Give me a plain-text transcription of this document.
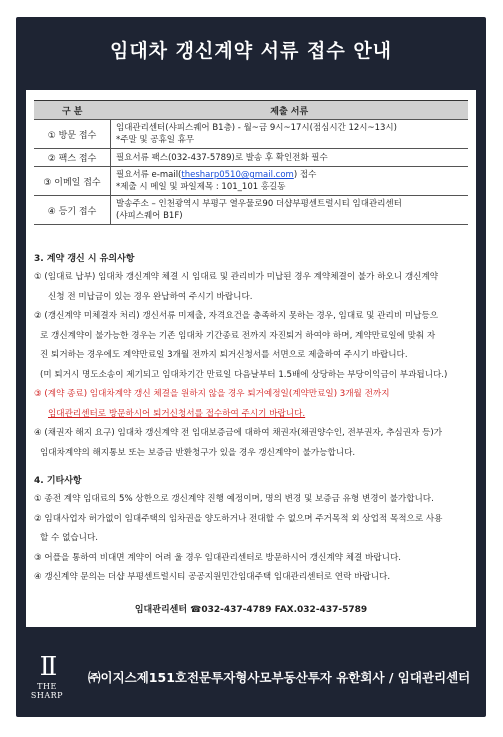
임대차 갱신계약 서류 접수 안내
구 분	제출 서류
① 방문 접수	임대관리센터(샤피스퀘어 B1층) - 월~금 9시~17시(점심시간 12시~13시)
*주말 및 공휴일 휴무

② 팩스 접수	필요서류 팩스(032-437-5789)로 발송 후 확인전화 필수
③ 이메일 접수	필요서류 e-mail(thesharp0510@gmail.com) 접수
*제출 시 메일 및 파일제목 : 101_101 홍길동

④ 등기 접수	발송주소 – 인천광역시 부평구 열우물로90 더샵부평센트럴시티 임대관리센터
(샤피스퀘어 B1F)
3. 계약 갱신 시 유의사항

① (임대료 납부) 임대차 갱신계약 체결 시 임대료 및 관리비가 미납된 경우 계약체결이 불가 하오니 갱신계약

신청 전 미납금이 있는 경우 완납하여 주시기 바랍니다.

② (갱신계약 미체결자 처리) 갱신서류 미제출, 자격요건을 충족하지 못하는 경우, 임대료 및 관리비 미납등으

로 갱신계약이 불가능한 경우는 기존 임대차 기간종료 전까지 자진퇴거 하여야 하며, 계약만료일에 맞춰 자

진 퇴거하는 경우에도 계약만료일 3개월 전까지 퇴거신청서를 서면으로 제출하여 주시기 바랍니다.

(미 퇴거시 명도소송이 제기되고 임대차기간 만료일 다음날부터 1.5배에 상당하는 부당이익금이 부과됩니다.)

③ (계약 종료) 임대차계약 갱신 체결을 원하지 않을 경우 퇴거예정일(계약만료일) 3개월 전까지

임대관리센터로 방문하시어 퇴거신청서를 접수하여 주시기 바랍니다.

④ (채권자 해지 요구) 임대차 갱신계약 전 임대보증금에 대하여 채권자(채권양수인, 전부권자, 추심권자 등)가

임대차계약의 해지통보 또는 보증금 반환청구가 있을 경우 갱신계약이 불가능합니다.

4. 기타사항

① 종전 계약 임대료의 5% 상한으로 갱신계약 진행 예정이며, 명의 변경 및 보증금 유형 변경이 불가합니다.

② 임대사업자 허가없이 임대주택의 임차권을 양도하거나 전대할 수 없으며 주거목적 외 상업적 목적으로 사용

할 수 없습니다.

③ 어플을 통하여 비대면 계약이 어려 울 경우 임대관리센터로 방문하시어 갱신계약 체결 바랍니다.

④ 갱신계약 문의는 더샵 부평센트럴시티 공공지원민간임대주택 임대관리센터로 연락 바랍니다.

임대관리센터 ☎032-437-4789 FAX.032-437-5789
Ⅱ
THE SHARP
㈜이지스제151호전문투자형사모부동산투자 유한회사 / 임대관리센터
